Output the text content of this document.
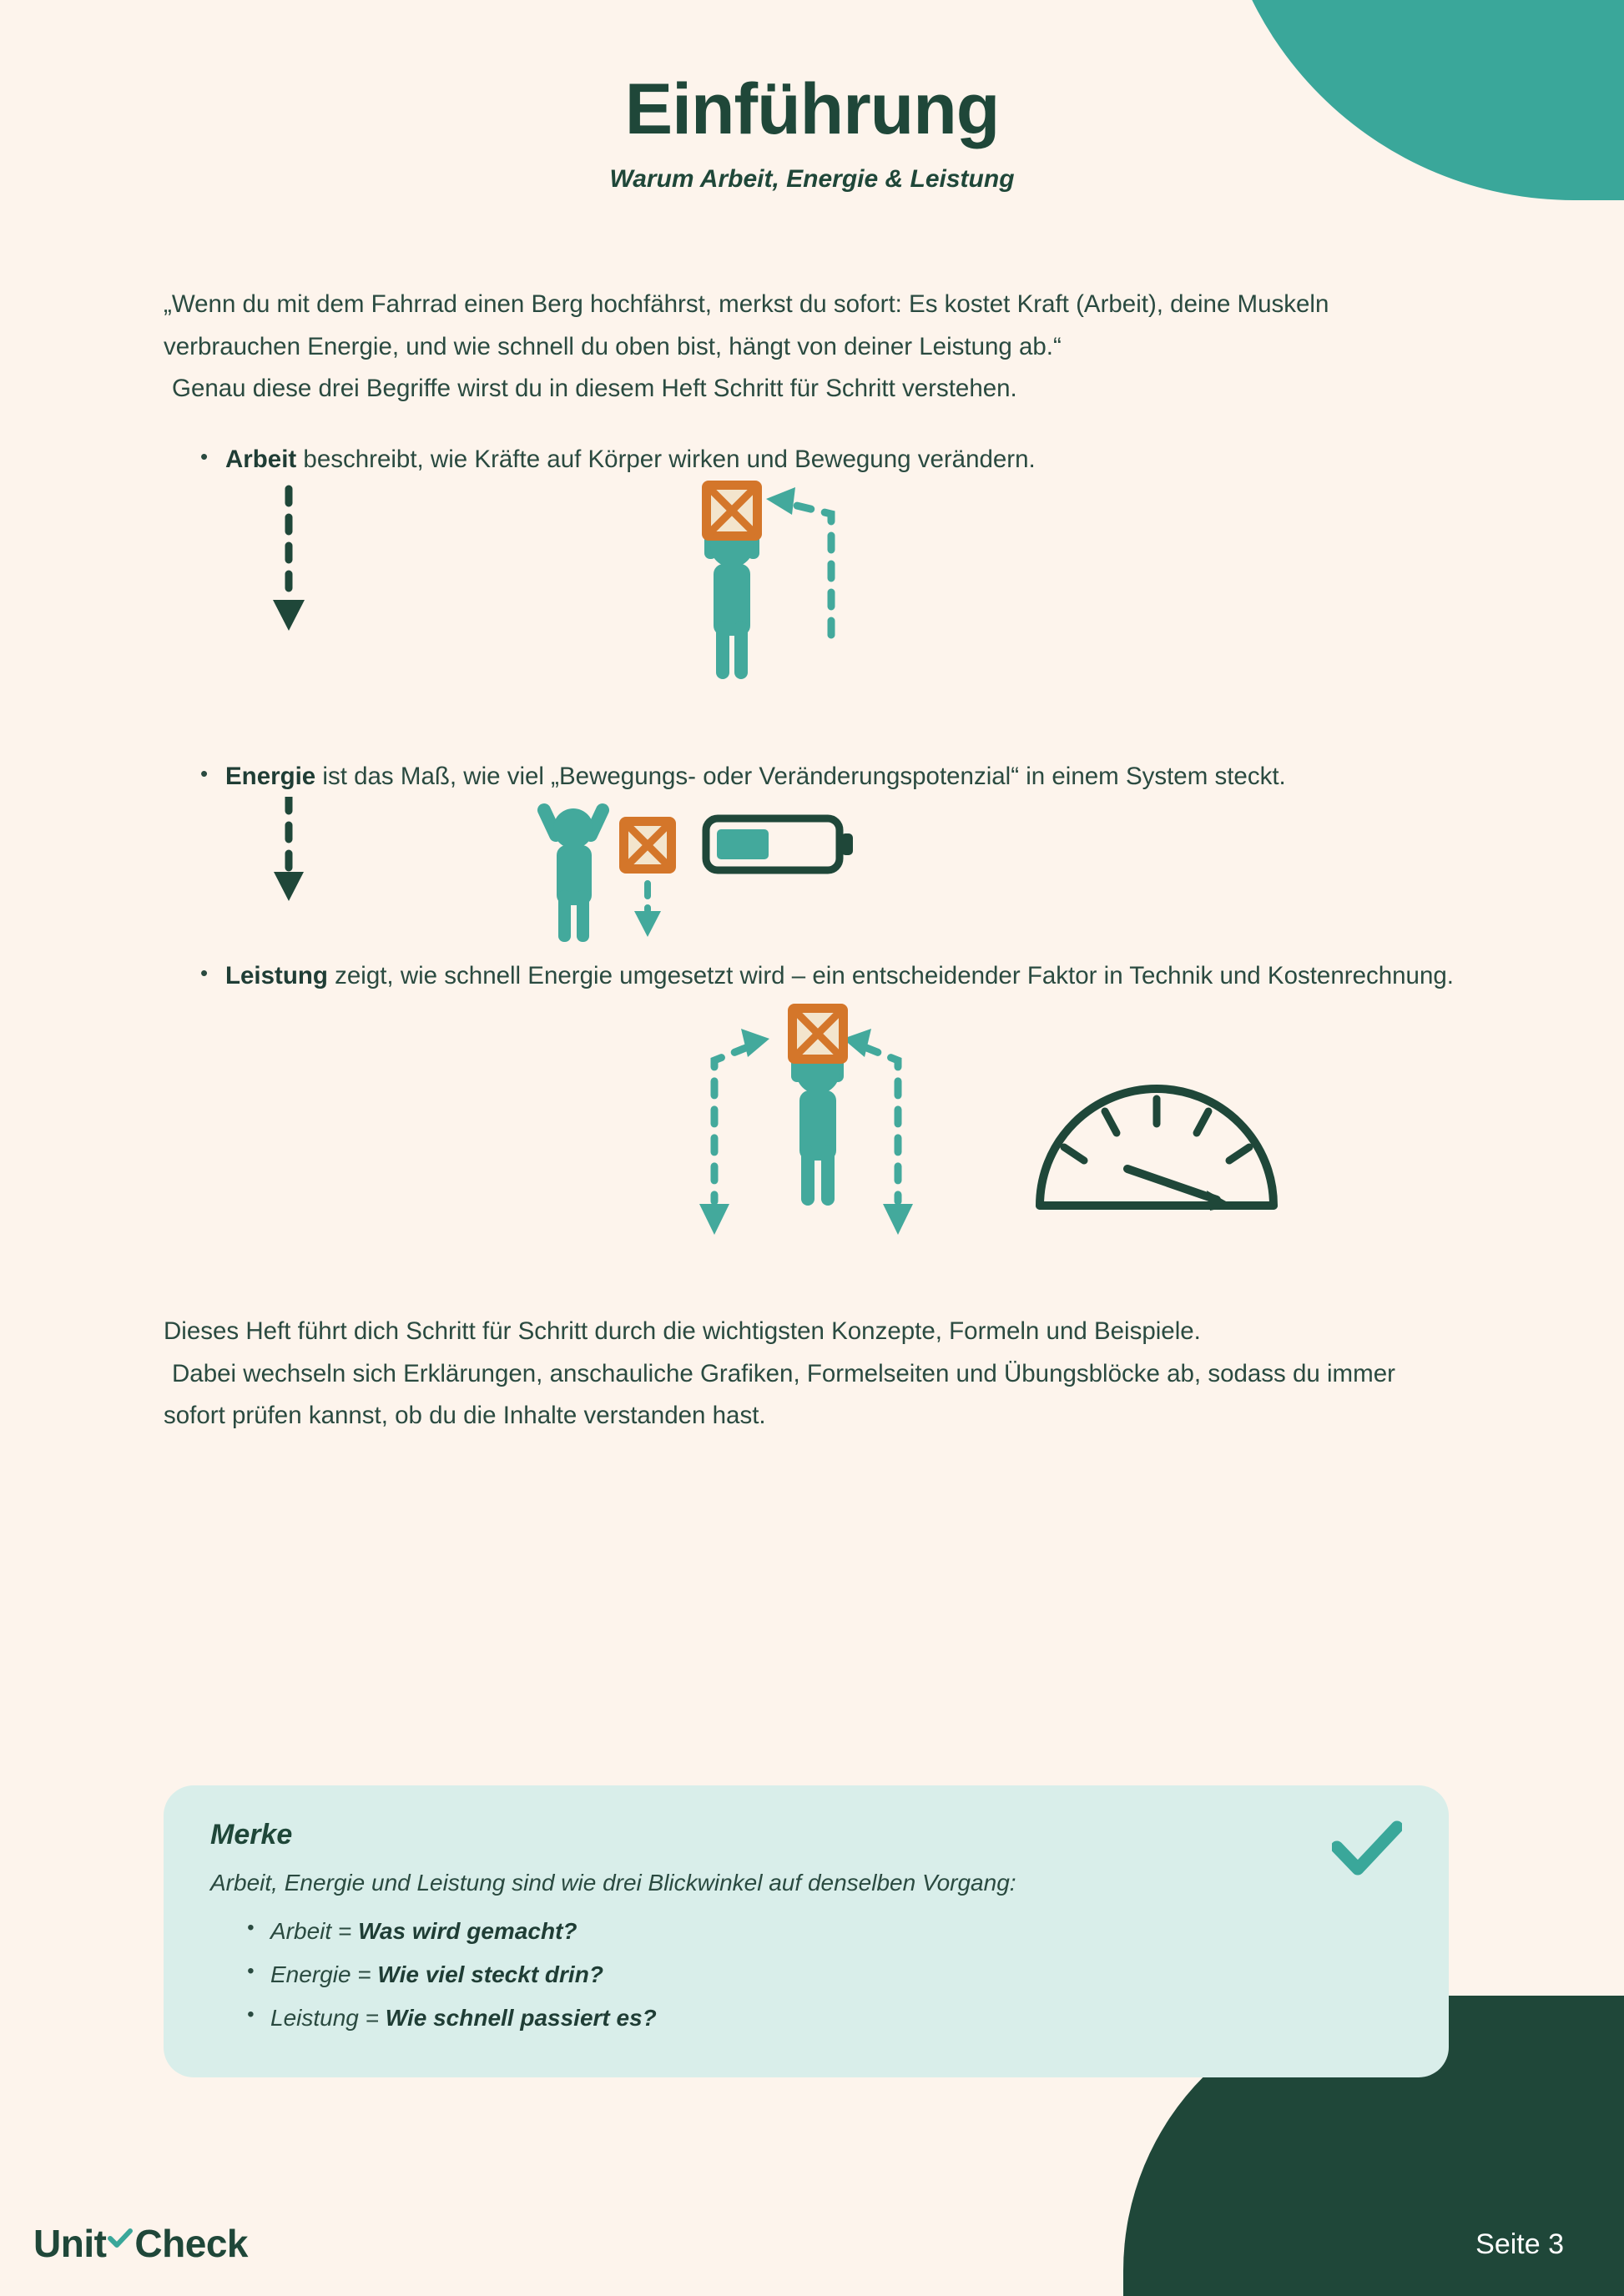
Einführung
Warum Arbeit, Energie & Leistung

„Wenn du mit dem Fahrrad einen Berg hochfährst, merkst du sofort: Es kostet Kraft (Arbeit), deine Muskeln verbrauchen Energie, und wie schnell du oben bist, hängt von deiner Leistung ab.“

Genau diese drei Begriffe wirst du in diesem Heft Schritt für Schritt verstehen.

• Arbeit beschreibt, wie Kräfte auf Körper wirken und Bewegung verändern.
• Energie ist das Maß, wie viel „Bewegungs- oder Veränderungspotenzial“ in einem System steckt.
• Leistung zeigt, wie schnell Energie umgesetzt wird – ein entscheidender Faktor in Technik und Kostenrechnung.

Dieses Heft führt dich Schritt für Schritt durch die wichtigsten Konzepte, Formeln und Beispiele.

Dabei wechseln sich Erklärungen, anschauliche Grafiken, Formelseiten und Übungsblöcke ab, sodass du immer sofort prüfen kannst, ob du die Inhalte verstanden hast.

Merke
Arbeit, Energie und Leistung sind wie drei Blickwinkel auf denselben Vorgang:
• Arbeit = Was wird gemacht?
• Energie = Wie viel steckt drin?
• Leistung = Wie schnell passiert es?
Unit Check	Seite 3
